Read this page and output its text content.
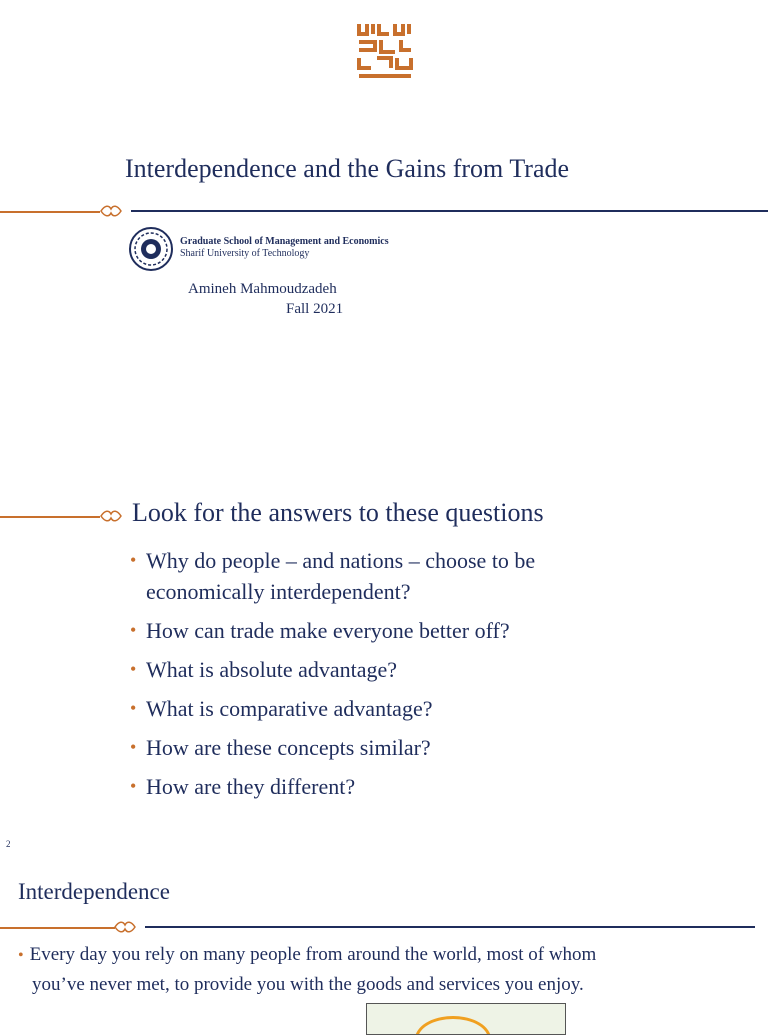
Interdependence and the Gains from Trade
Graduate School of Management and Economics
Sharif University of Technology
Amineh Mahmoudzadeh
Fall 2021
Look for the answers to these questions
• Why do people – and nations – choose to be economically interdependent?
• How can trade make everyone better off?
• What is absolute advantage?
• What is comparative advantage?
• How are these concepts similar?
• How are they different?
2
Interdependence
• Every day you rely on many people from around the world, most of whom
you’ve never met, to provide you with the goods and services you enjoy.
